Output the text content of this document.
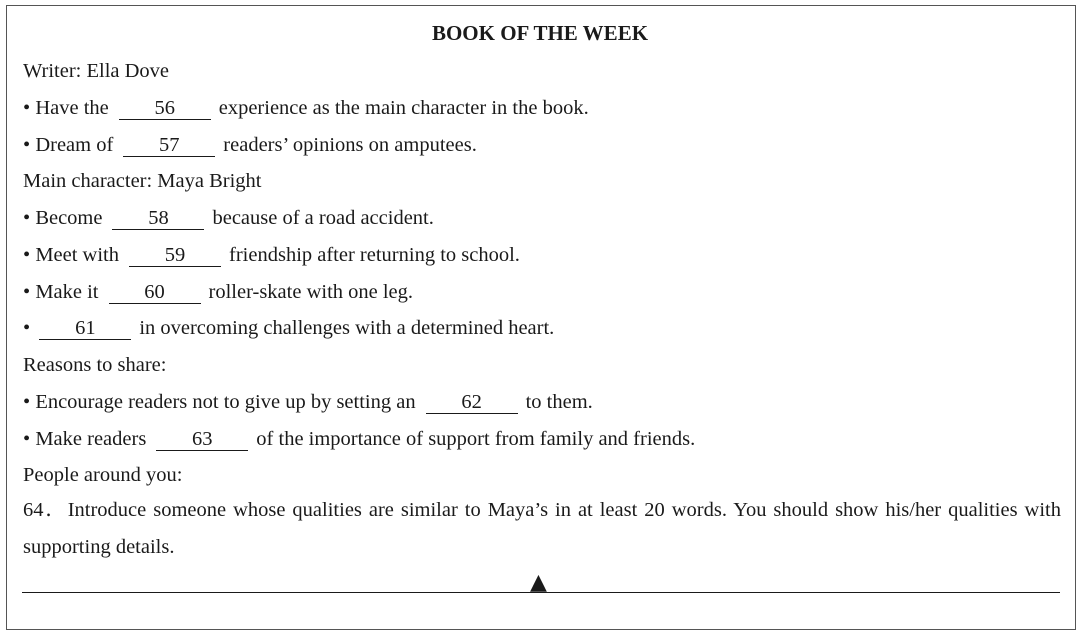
BOOK OF THE WEEK
Writer: Ella Dove
• Have the 56 experience as the main character in the book.
• Dream of 57 readers’ opinions on amputees.
Main character: Maya Bright
• Become 58 because of a road accident.
• Meet with 59 friendship after returning to school.
• Make it 60 roller-skate with one leg.
• 61 in overcoming challenges with a determined heart.
Reasons to share:
• Encourage readers not to give up by setting an 62 to them.
• Make readers 63 of the importance of support from family and friends.
People around you:
64．Introduce someone whose qualities are similar to Maya’s in at least 20 words. You should show his/her qualities with supporting details.
▲
